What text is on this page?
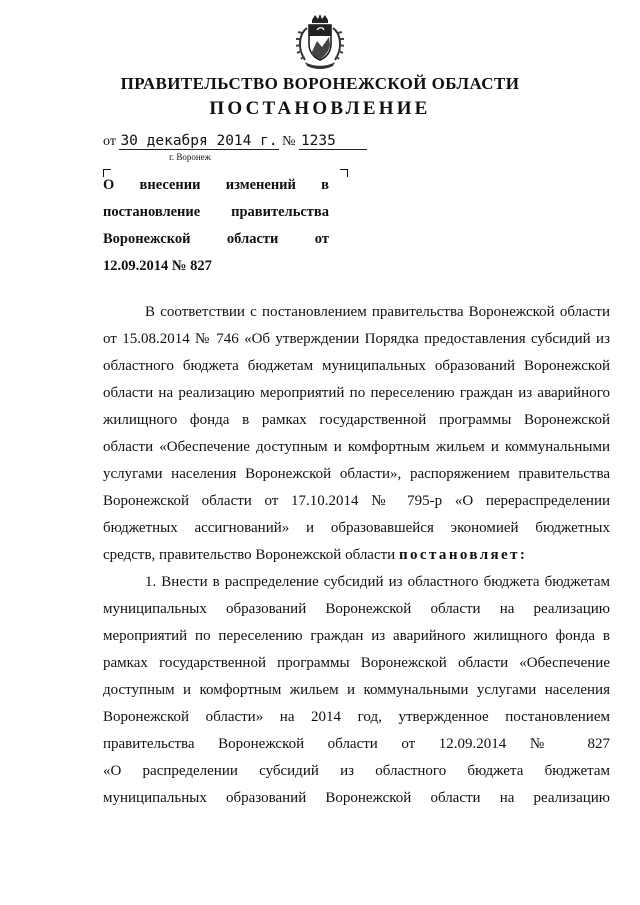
ПРАВИТЕЛЬСТВО ВОРОНЕЖСКОЙ ОБЛАСТИ
ПОСТАНОВЛЕНИЕ
от 30 декабря 2014 г. № 1235
г. Воронеж

О внесении изменений в
постановление правительства
Воронежской области от
12.09.2014 № 827

В соответствии с постановлением правительства Воронежской области
от 15.08.2014 № 746 «Об утверждении Порядка предоставления субсидий из
областного бюджета бюджетам муниципальных образований Воронежской
области на реализацию мероприятий по переселению граждан из аварийного
жилищного фонда в рамках государственной программы Воронежской
области «Обеспечение доступным и комфортным жильем и коммунальными
услугами населения Воронежской области», распоряжением правительства
Воронежской области от 17.10.2014 № 795-р «О перераспределении
бюджетных ассигнований» и образовавшейся экономией бюджетных
средств, правительство Воронежской области постановляет:
1. Внести в распределение субсидий из областного бюджета бюджетам
муниципальных образований Воронежской области на реализацию
мероприятий по переселению граждан из аварийного жилищного фонда в
рамках государственной программы Воронежской области «Обеспечение
доступным и комфортным жильем и коммунальными услугами населения
Воронежской области» на 2014 год, утвержденное постановлением
правительства Воронежской области от 12.09.2014 № 827
«О распределении субсидий из областного бюджета бюджетам
муниципальных образований Воронежской области на реализацию
